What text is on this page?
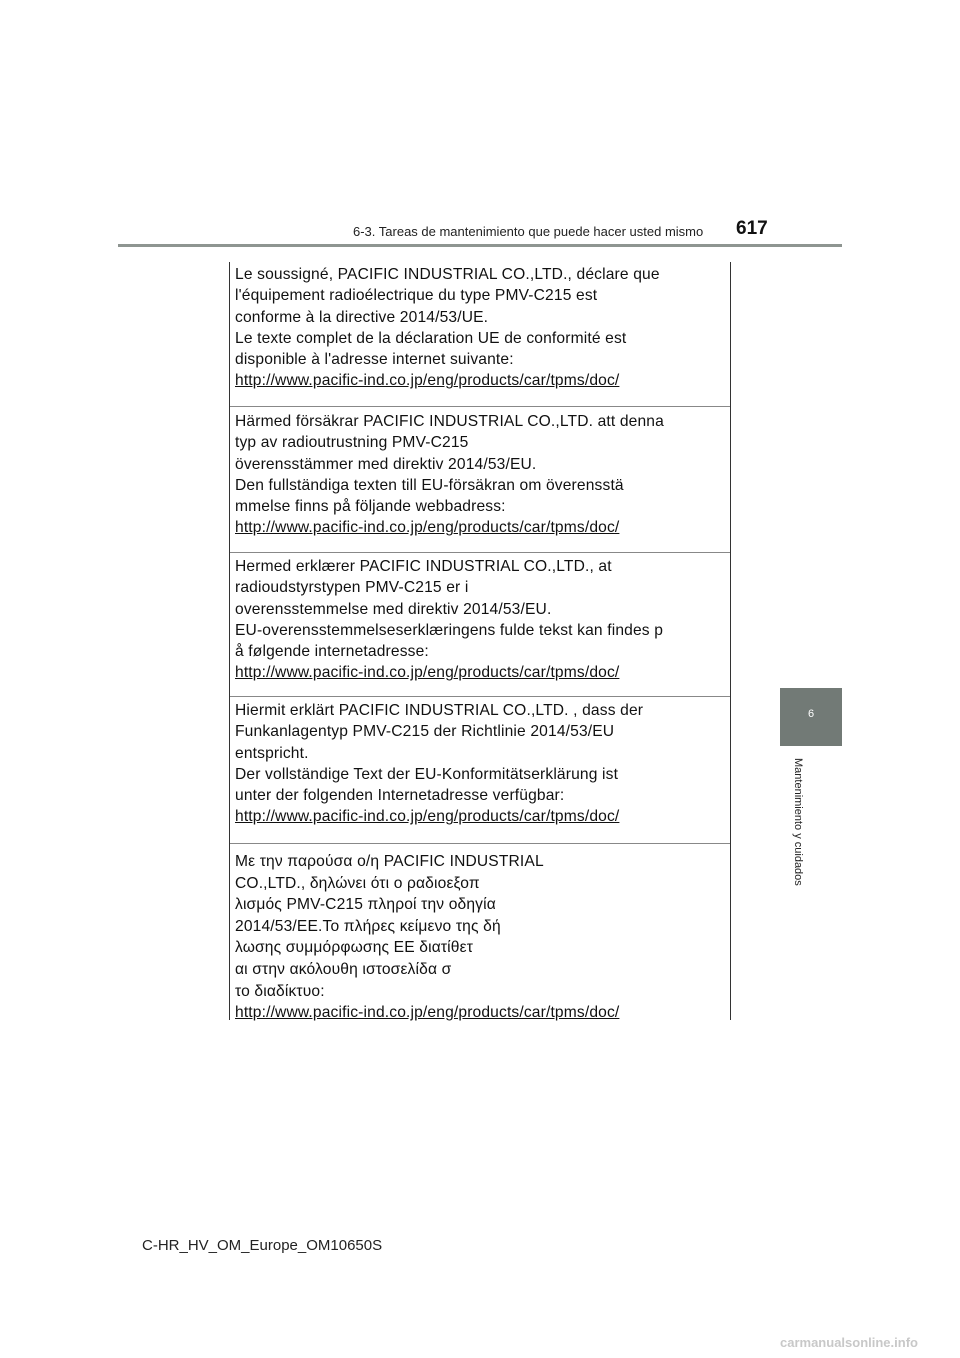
6-3. Tareas de mantenimiento que puede hacer usted mismo 617
6
Mantenimiento y cuidados
Le soussigné, PACIFIC INDUSTRIAL CO.,LTD., déclare que
l'équipement radioélectrique du type PMV-C215 est
conforme à la directive 2014/53/UE.
Le texte complet de la déclaration UE de conformité est
disponible à l'adresse internet suivante:
http://www.pacific-ind.co.jp/eng/products/car/tpms/doc/
Härmed försäkrar PACIFIC INDUSTRIAL CO.,LTD. att denna
typ av radioutrustning PMV-C215
överensstämmer med direktiv 2014/53/EU.
Den fullständiga texten till EU-försäkran om överensstä
mmelse finns på följande webbadress:
http://www.pacific-ind.co.jp/eng/products/car/tpms/doc/
Hermed erklærer PACIFIC INDUSTRIAL CO.,LTD., at
radioudstyrstypen PMV-C215 er i
overensstemmelse med direktiv 2014/53/EU.
EU-overensstemmelseserklæringens fulde tekst kan findes p
å følgende internetadresse:
http://www.pacific-ind.co.jp/eng/products/car/tpms/doc/
Hiermit erklärt PACIFIC INDUSTRIAL CO.,LTD. , dass der
Funkanlagentyp PMV-C215 der Richtlinie 2014/53/EU
entspricht.
Der vollständige Text der EU-Konformitätserklärung ist
unter der folgenden Internetadresse verfügbar:
http://www.pacific-ind.co.jp/eng/products/car/tpms/doc/
Με την παρούσα ο/η PACIFIC INDUSTRIAL
CO.,LTD., δηλώνει ότι ο ραδιοεξοπ
λισμός PMV-C215 πληροί την οδηγία
2014/53/ΕΕ.Το πλήρες κείμενο της δή
λωσης συμμόρφωσης ΕΕ διατίθετ
αι στην ακόλουθη ιστοσελίδα σ
το διαδίκτυο:
http://www.pacific-ind.co.jp/eng/products/car/tpms/doc/
C-HR_HV_OM_Europe_OM10650S
carmanualsonline.info
